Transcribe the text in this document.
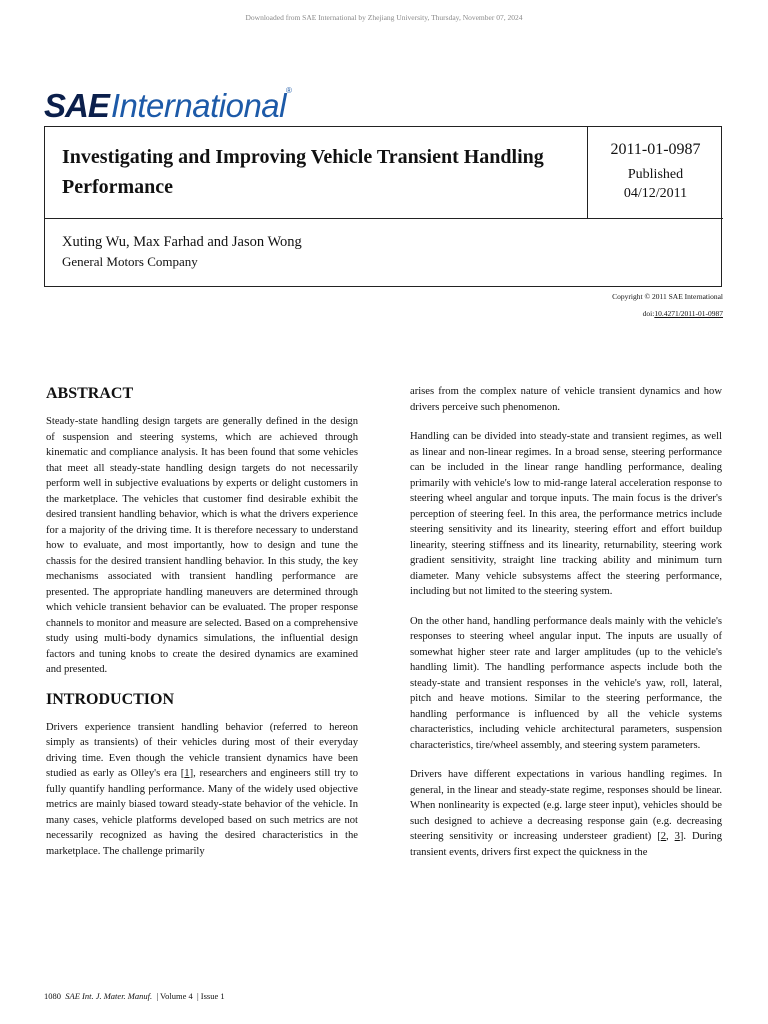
Downloaded from SAE International by Zhejiang University, Thursday, November 07, 2024
SAE International ®
Investigating and Improving Vehicle Transient Handling Performance
2011-01-0987
Published
04/12/2011
Xuting Wu, Max Farhad and Jason Wong
General Motors Company
Copyright © 2011 SAE International
doi:10.4271/2011-01-0987
ABSTRACT

Steady-state handling design targets are generally defined in the design of suspension and steering systems, which are achieved through kinematic and compliance analysis. It has been found that some vehicles that meet all steady-state handling design targets do not necessarily perform well in subjective evaluations by experts or delight customers in the marketplace. The vehicles that customer find desirable exhibit the desired transient handling behavior, which is what the drivers experience for a majority of the driving time. It is therefore necessary to understand how to evaluate, and most importantly, how to design and tune the chassis for the desired transient handling behavior. In this study, the key mechanisms associated with transient handling performance are presented. The appropriate handling maneuvers are determined through which vehicle transient behavior can be evaluated. The proper response channels to monitor and measure are selected. Based on a comprehensive study using multi-body dynamics simulations, the influential design factors and tuning knobs to create the desired dynamics are examined and presented.

INTRODUCTION

Drivers experience transient handling behavior (referred to hereon simply as transients) of their vehicles during most of their everyday driving time. Even though the vehicle transient dynamics have been studied as early as Olley's era [1], researchers and engineers still try to fully quantify handling performance. Many of the widely used objective metrics are mainly biased toward steady-state behavior of the vehicle. In many cases, vehicle platforms developed based on such metrics are not necessarily recognized as having the desired characteristics in the marketplace. The challenge primarily

arises from the complex nature of vehicle transient dynamics and how drivers perceive such phenomenon.

Handling can be divided into steady-state and transient regimes, as well as linear and non-linear regimes. In a broad sense, steering performance can be included in the linear range handling performance, dealing primarily with vehicle's low to mid-range lateral acceleration response to steering wheel angular and torque inputs. The main focus is the driver's perception of steering feel. In this area, the performance metrics include steering sensitivity and its linearity, steering effort and effort buildup linearity, steering stiffness and its linearity, returnability, steering work gradient sensitivity, straight line tracking ability and minimum turn diameter. Many vehicle subsystems affect the steering performance, including but not limited to the steering system.

On the other hand, handling performance deals mainly with the vehicle's responses to steering wheel angular input. The inputs are usually of somewhat higher steer rate and larger amplitudes (up to the vehicle's handling limit). The handling performance aspects include both the steady-state and transient responses in the vehicle's yaw, roll, lateral, pitch and heave motions. Similar to the steering performance, the handling performance is influenced by all the vehicle systems characteristics, including vehicle architectural parameters, suspension characteristics, tire/wheel assembly, and steering system parameters.

Drivers have different expectations in various handling regimes. In general, in the linear and steady-state regime, responses should be linear. When nonlinearity is expected (e.g. large steer input), vehicles should be such designed to achieve a decreasing response gain (e.g. decreasing steering sensitivity or increasing understeer gradient) [2, 3]. During transient events, drivers first expect the quickness in the

1080 SAE Int. J. Mater. Manuf. | Volume 4 | Issue 1
